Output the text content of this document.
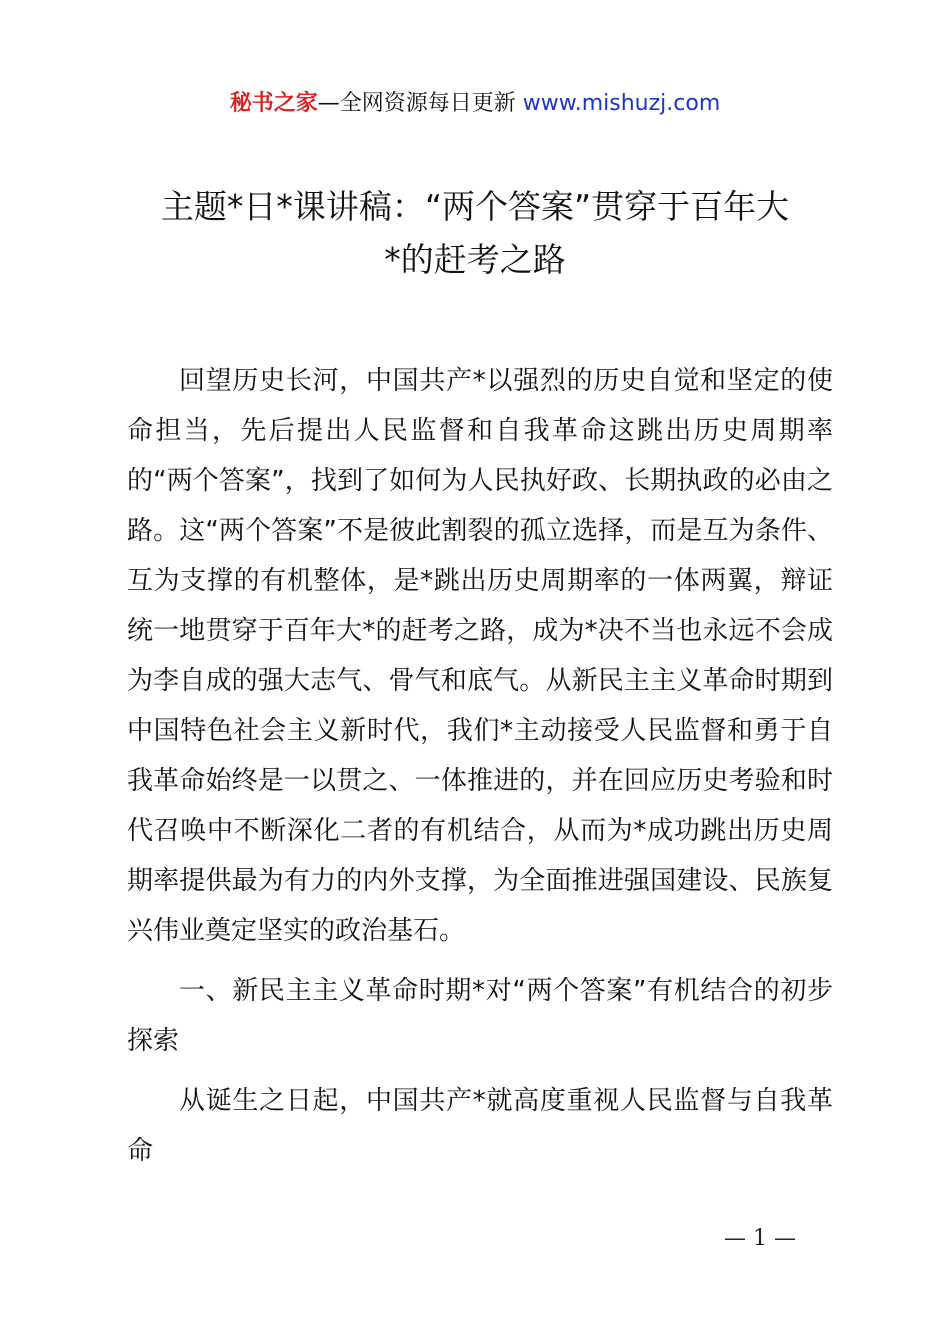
秘书之家—全网资源每日更新 www.mishuzj.com
主题*日*课讲稿：“两个答案”贯穿于百年大
*的赶考之路

回望历史长河，中国共产*以强烈的历史自觉和坚定的使命担当，先后提出人民监督和自我革命这跳出历史周期率的“两个答案”，找到了如何为人民执好政、长期执政的必由之路。这“两个答案”不是彼此割裂的孤立选择，而是互为条件、互为支撑的有机整体，是*跳出历史周期率的一体两翼，辩证统一地贯穿于百年大*的赶考之路，成为*决不当也永远不会成为李自成的强大志气、骨气和底气。从新民主主义革命时期到中国特色社会主义新时代，我们*主动接受人民监督和勇于自我革命始终是一以贯之、一体推进的，并在回应历史考验和时代召唤中不断深化二者的有机结合，从而为*成功跳出历史周期率提供最为有力的内外支撑，为全面推进强国建设、民族复兴伟业奠定坚实的政治基石。

一、新民主主义革命时期*对“两个答案”有机结合的初步探索

从诞生之日起，中国共产*就高度重视人民监督与自我革命

— 1 —
